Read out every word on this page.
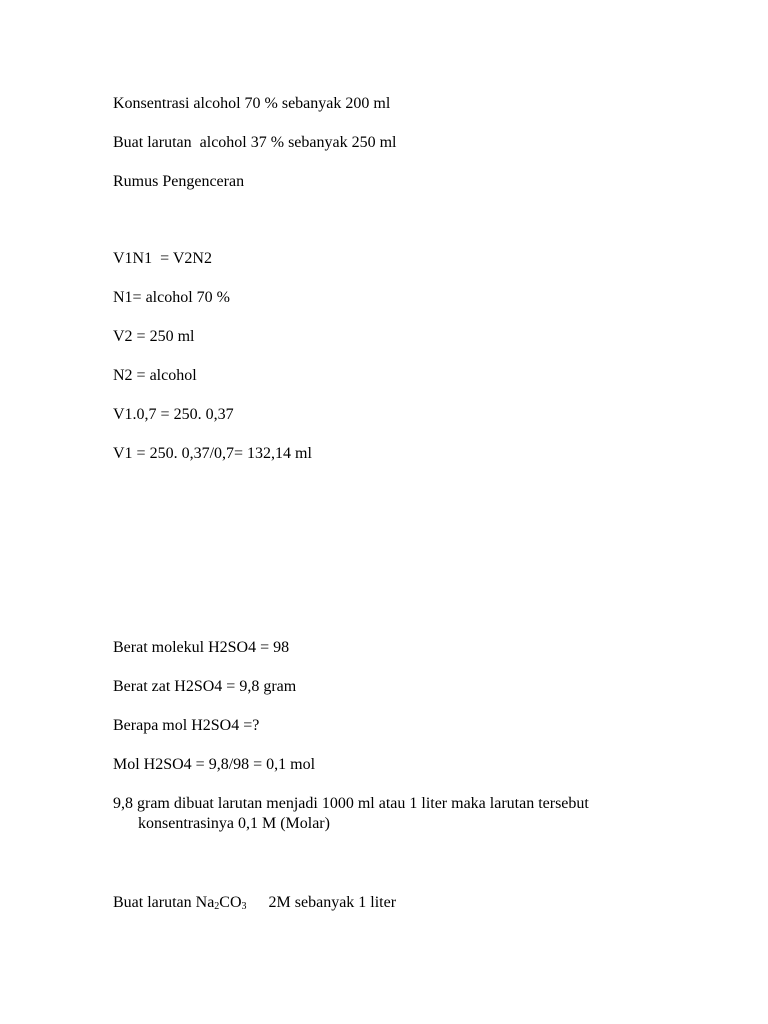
Konsentrasi alcohol 70 % sebanyak 200 ml
Buat larutan  alcohol 37 % sebanyak 250 ml
Rumus Pengenceran
V1N1  = V2N2
N1= alcohol 70 %
V2 = 250 ml
N2 = alcohol
V1.0,7 = 250. 0,37
V1 = 250. 0,37/0,7= 132,14 ml
Berat molekul H2SO4 = 98
Berat zat H2SO4 = 9,8 gram
Berapa mol H2SO4 =?
Mol H2SO4 = 9,8/98 = 0,1 mol
9,8 gram dibuat larutan menjadi 1000 ml atau 1 liter maka larutan tersebut
konsentrasinya 0,1 M (Molar)
Buat larutan $Na_2CO_3$ 2M sebanyak 1 liter
